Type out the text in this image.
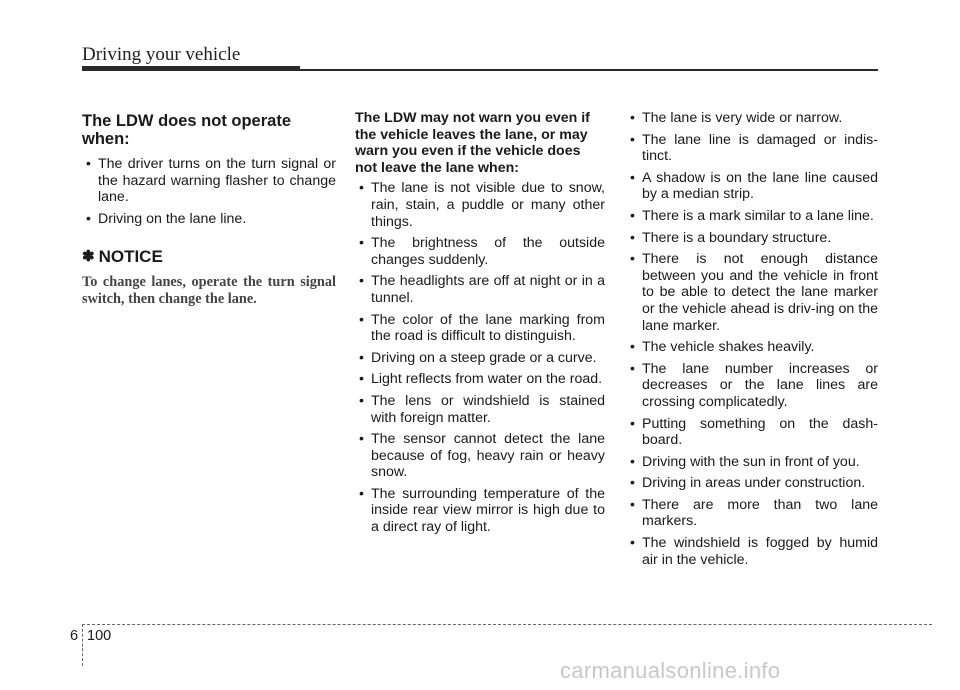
Driving your vehicle
The LDW does not operate when:
• The driver turns on the turn signal or the hazard warning flasher to change lane.
• Driving on the lane line.
✽ NOTICE
To change lanes, operate the turn signal switch, then change the lane.
The LDW may not warn you even if the vehicle leaves the lane, or may warn you even if the vehicle does not leave the lane when:
• The lane is not visible due to snow, rain, stain, a puddle or many other things.
• The brightness of the outside changes suddenly.
• The headlights are off at night or in a tunnel.
• The color of the lane marking from the road is difficult to distinguish.
• Driving on a steep grade or a curve.
• Light reflects from water on the road.
• The lens or windshield is stained with foreign matter.
• The sensor cannot detect the lane because of fog, heavy rain or heavy snow.
• The surrounding temperature of the inside rear view mirror is high due to a direct ray of light.
• The lane is very wide or narrow.
• The lane line is damaged or indis-tinct.
• A shadow is on the lane line caused by a median strip.
• There is a mark similar to a lane line.
• There is a boundary structure.
• There is not enough distance between you and the vehicle in front to be able to detect the lane marker or the vehicle ahead is driv-ing on the lane marker.
• The vehicle shakes heavily.
• The lane number increases or decreases or the lane lines are crossing complicatedly.
• Putting something on the dash-board.
• Driving with the sun in front of you.
• Driving in areas under construction.
• There are more than two lane markers.
• The windshield is fogged by humid air in the vehicle.
6 100
carmanualsonline.info
